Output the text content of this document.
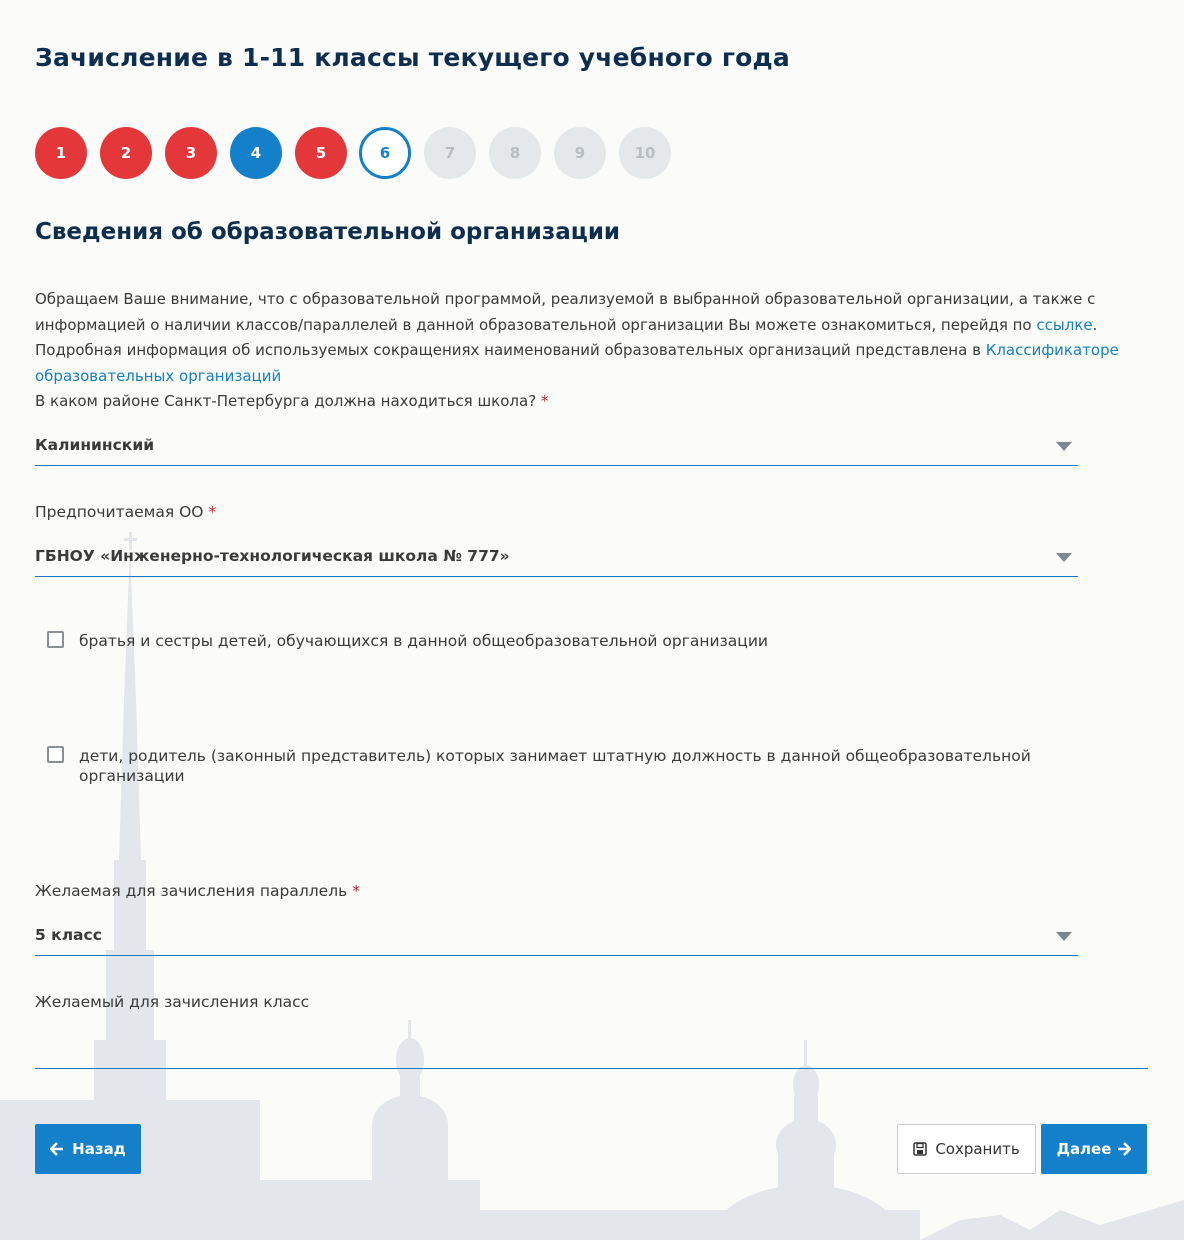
Зачисление в 1-11 классы текущего учебного года
1	2	3	4	5	6	7	8	9	10
Сведения об образовательной организации
Обращаем Ваше внимание, что с образовательной программой, реализуемой в выбранной образовательной организации, а также с информацией о наличии классов/параллелей в данной образовательной организации Вы можете ознакомиться, перейдя по ссылке. Подробная информация об используемых сокращениях наименований образовательных организаций представлена в Классификаторе образовательных организаций
В каком районе Санкт-Петербурга должна находиться школа? *
Калининский
Предпочитаемая ОО *
ГБНОУ «Инженерно-технологическая школа № 777»
братья и сестры детей, обучающихся в данной общеобразовательной организации
дети, родитель (законный представитель) которых занимает штатную должность в данной общеобразовательной организации
Желаемая для зачисления параллель *
5 класс
Желаемый для зачисления класс
Назад	Сохранить Далее
